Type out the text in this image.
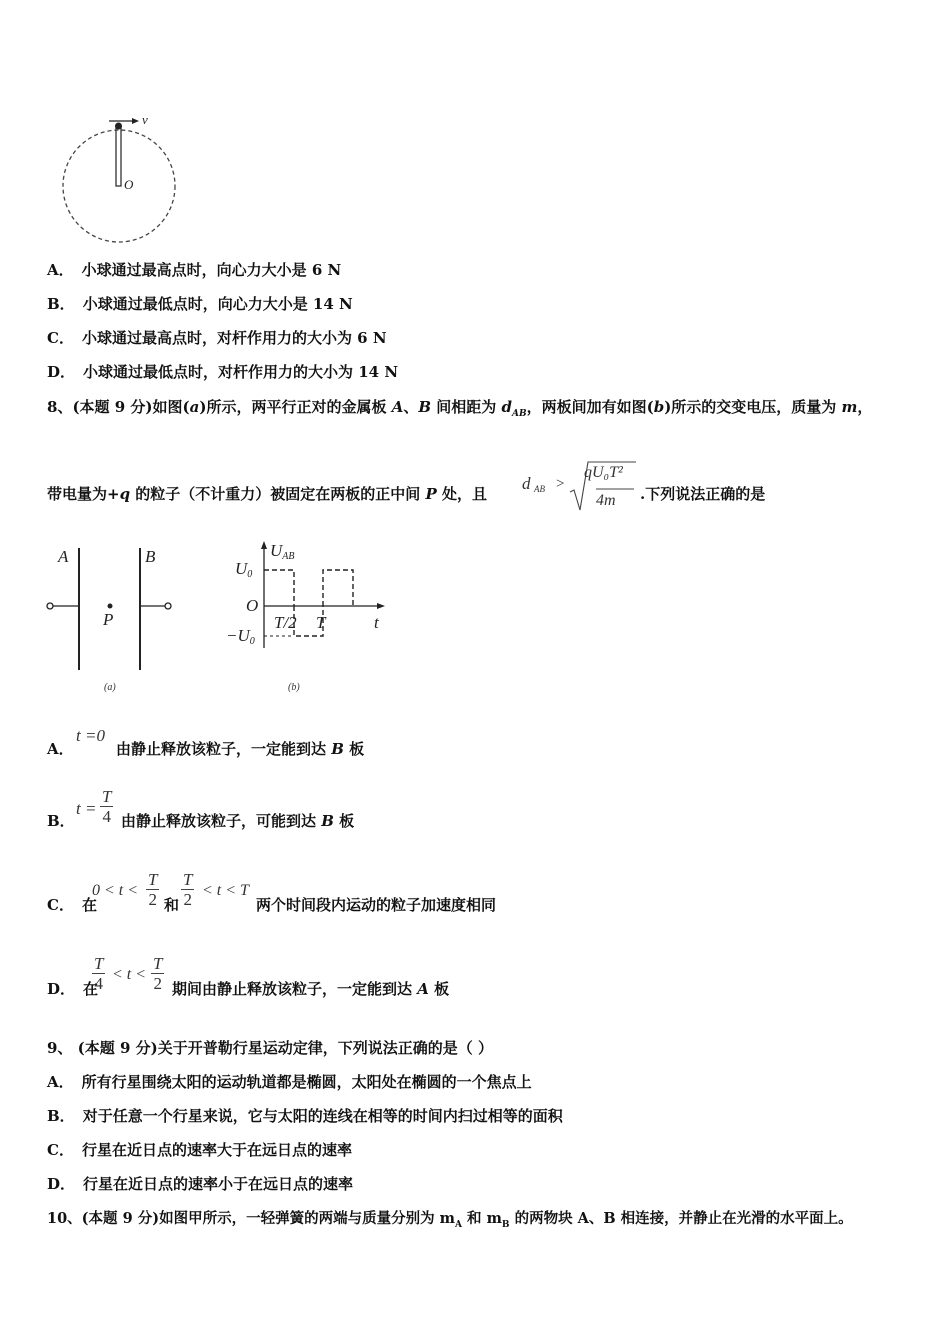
v
O
A． 小球通过最高点时，向心力大小是 6 N
B． 小球通过最低点时，向心力大小是 14 N
C． 小球通过最高点时，对杆作用力的大小为 6 N
D． 小球通过最低点时，对杆作用力的大小为 14 N
8、(本题 9 分)如图(a)所示，两平行正对的金属板 A、B 间相距为 $d_{AB}$，两板间加有如图(b)所示的交变电压，质量为 m，
带电量为+q 的粒子（不计重力）被固定在两板的正中间 P 处，且
d AB >
qU₀T²
4m .下列说法正确的是
A	B
P
(a)
UAB
U0
O
−U0
T/2 T	t
(b)
A．
t =0
由静止释放该粒子，一定能到达 B 板
B．
$t = \frac{T}{4}$ 由静止释放该粒子，可能到达 B 板
C． 在
$0 < t < \frac{T}{2}$ 和 $\frac{T}{2} < t < T$
两个时间段内运动的粒子加速度相同
D． 在
$\frac{T}{4} < t < \frac{T}{2}$ 期间由静止释放该粒子，一定能到达 A 板
9、 (本题 9 分)关于开普勒行星运动定律，下列说法正确的是（ ）
A． 所有行星围绕太阳的运动轨道都是椭圆，太阳处在椭圆的一个焦点上
B． 对于任意一个行星来说，它与太阳的连线在相等的时间内扫过相等的面积
C． 行星在近日点的速率大于在远日点的速率
D． 行星在近日点的速率小于在远日点的速率
10、(本题 9 分)如图甲所示，一轻弹簧的两端与质量分别为 $m_A$ 和 $m_B$ 的两物块 A、B 相连接，并静止在光滑的水平面上。
